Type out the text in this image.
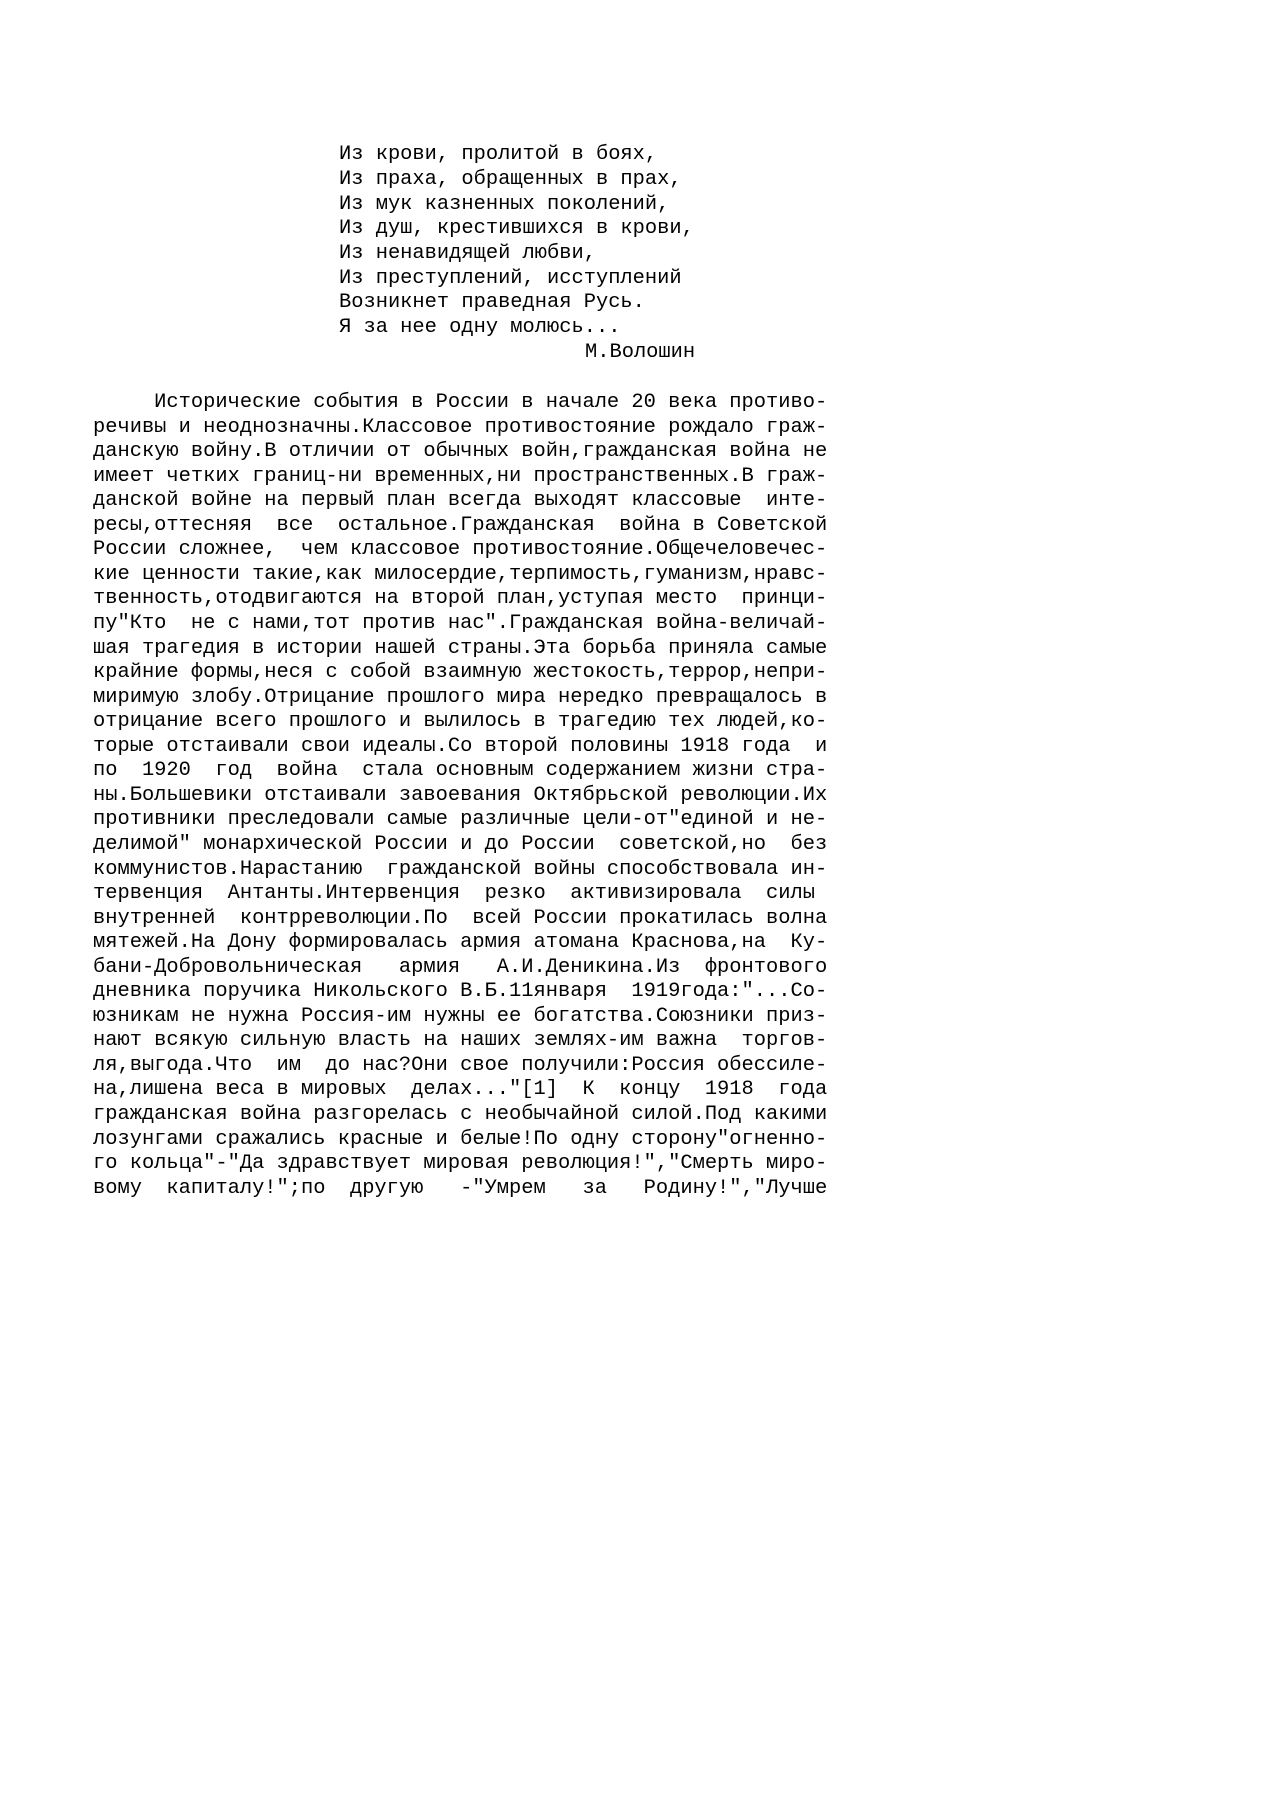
Из крови, пролитой в боях,
Из праха, обращенных в прах,
Из мук казненных поколений,
Из душ, крестившихся в крови,
Из ненавидящей любви,
Из преступлений, исступлений
Возникнет праведная Русь.
Я за нее одну молюсь...
М.Волошин
Исторические события в России в начале 20 века противо-
речивы и неоднозначны.Классовое противостояние рождало граж-
данскую войну.В отличии от обычных войн,гражданская война не
имеет четких границ-ни временных,ни пространственных.В граж-
данской войне на первый план всегда выходят классовые  инте-
ресы,оттесняя  все  остальное.Гражданская  война в Советской
России сложнее,  чем классовое противостояние.Общечеловечес-
кие ценности такие,как милосердие,терпимость,гуманизм,нравс-
твенность,отодвигаются на второй план,уступая место  принци-
пу"Кто  не с нами,тот против нас".Гражданская война-величай-
шая трагедия в истории нашей страны.Эта борьба приняла самые
крайние формы,неся с собой взаимную жестокость,террор,непри-
миримую злобу.Отрицание прошлого мира нередко превращалось в
отрицание всего прошлого и вылилось в трагедию тех людей,ко-
торые отстаивали свои идеалы.Со второй половины 1918 года  и
по  1920  год  война  стала основным содержанием жизни стра-
ны.Большевики отстаивали завоевания Октябрьской революции.Их
противники преследовали самые различные цели-от"единой и не-
делимой" монархической России и до России  советской,но  без
коммунистов.Нарастанию  гражданской войны способствовала ин-
тервенция  Антанты.Интервенция  резко  активизировала  силы
внутренней  контрреволюции.По  всей России прокатилась волна
мятежей.На Дону формировалась армия атомана Краснова,на  Ку-
бани-Добровольническая   армия   А.И.Деникина.Из  фронтового
дневника поручика Никольского В.Б.11января  1919года:"...Со-
юзникам не нужна Россия-им нужны ее богатства.Союзники приз-
нают всякую сильную власть на наших землях-им важна  торгов-
ля,выгода.Что  им  до нас?Они свое получили:Россия обессиле-
на,лишена веса в мировых  делах..."[1]  К  концу  1918  года
гражданская война разгорелась с необычайной силой.Под какими
лозунгами сражались красные и белые!По одну сторону"огненно-
го кольца"-"Да здравствует мировая революция!","Смерть миро-
вому  капиталу!";по  другую   -"Умрем   за   Родину!","Лучше
